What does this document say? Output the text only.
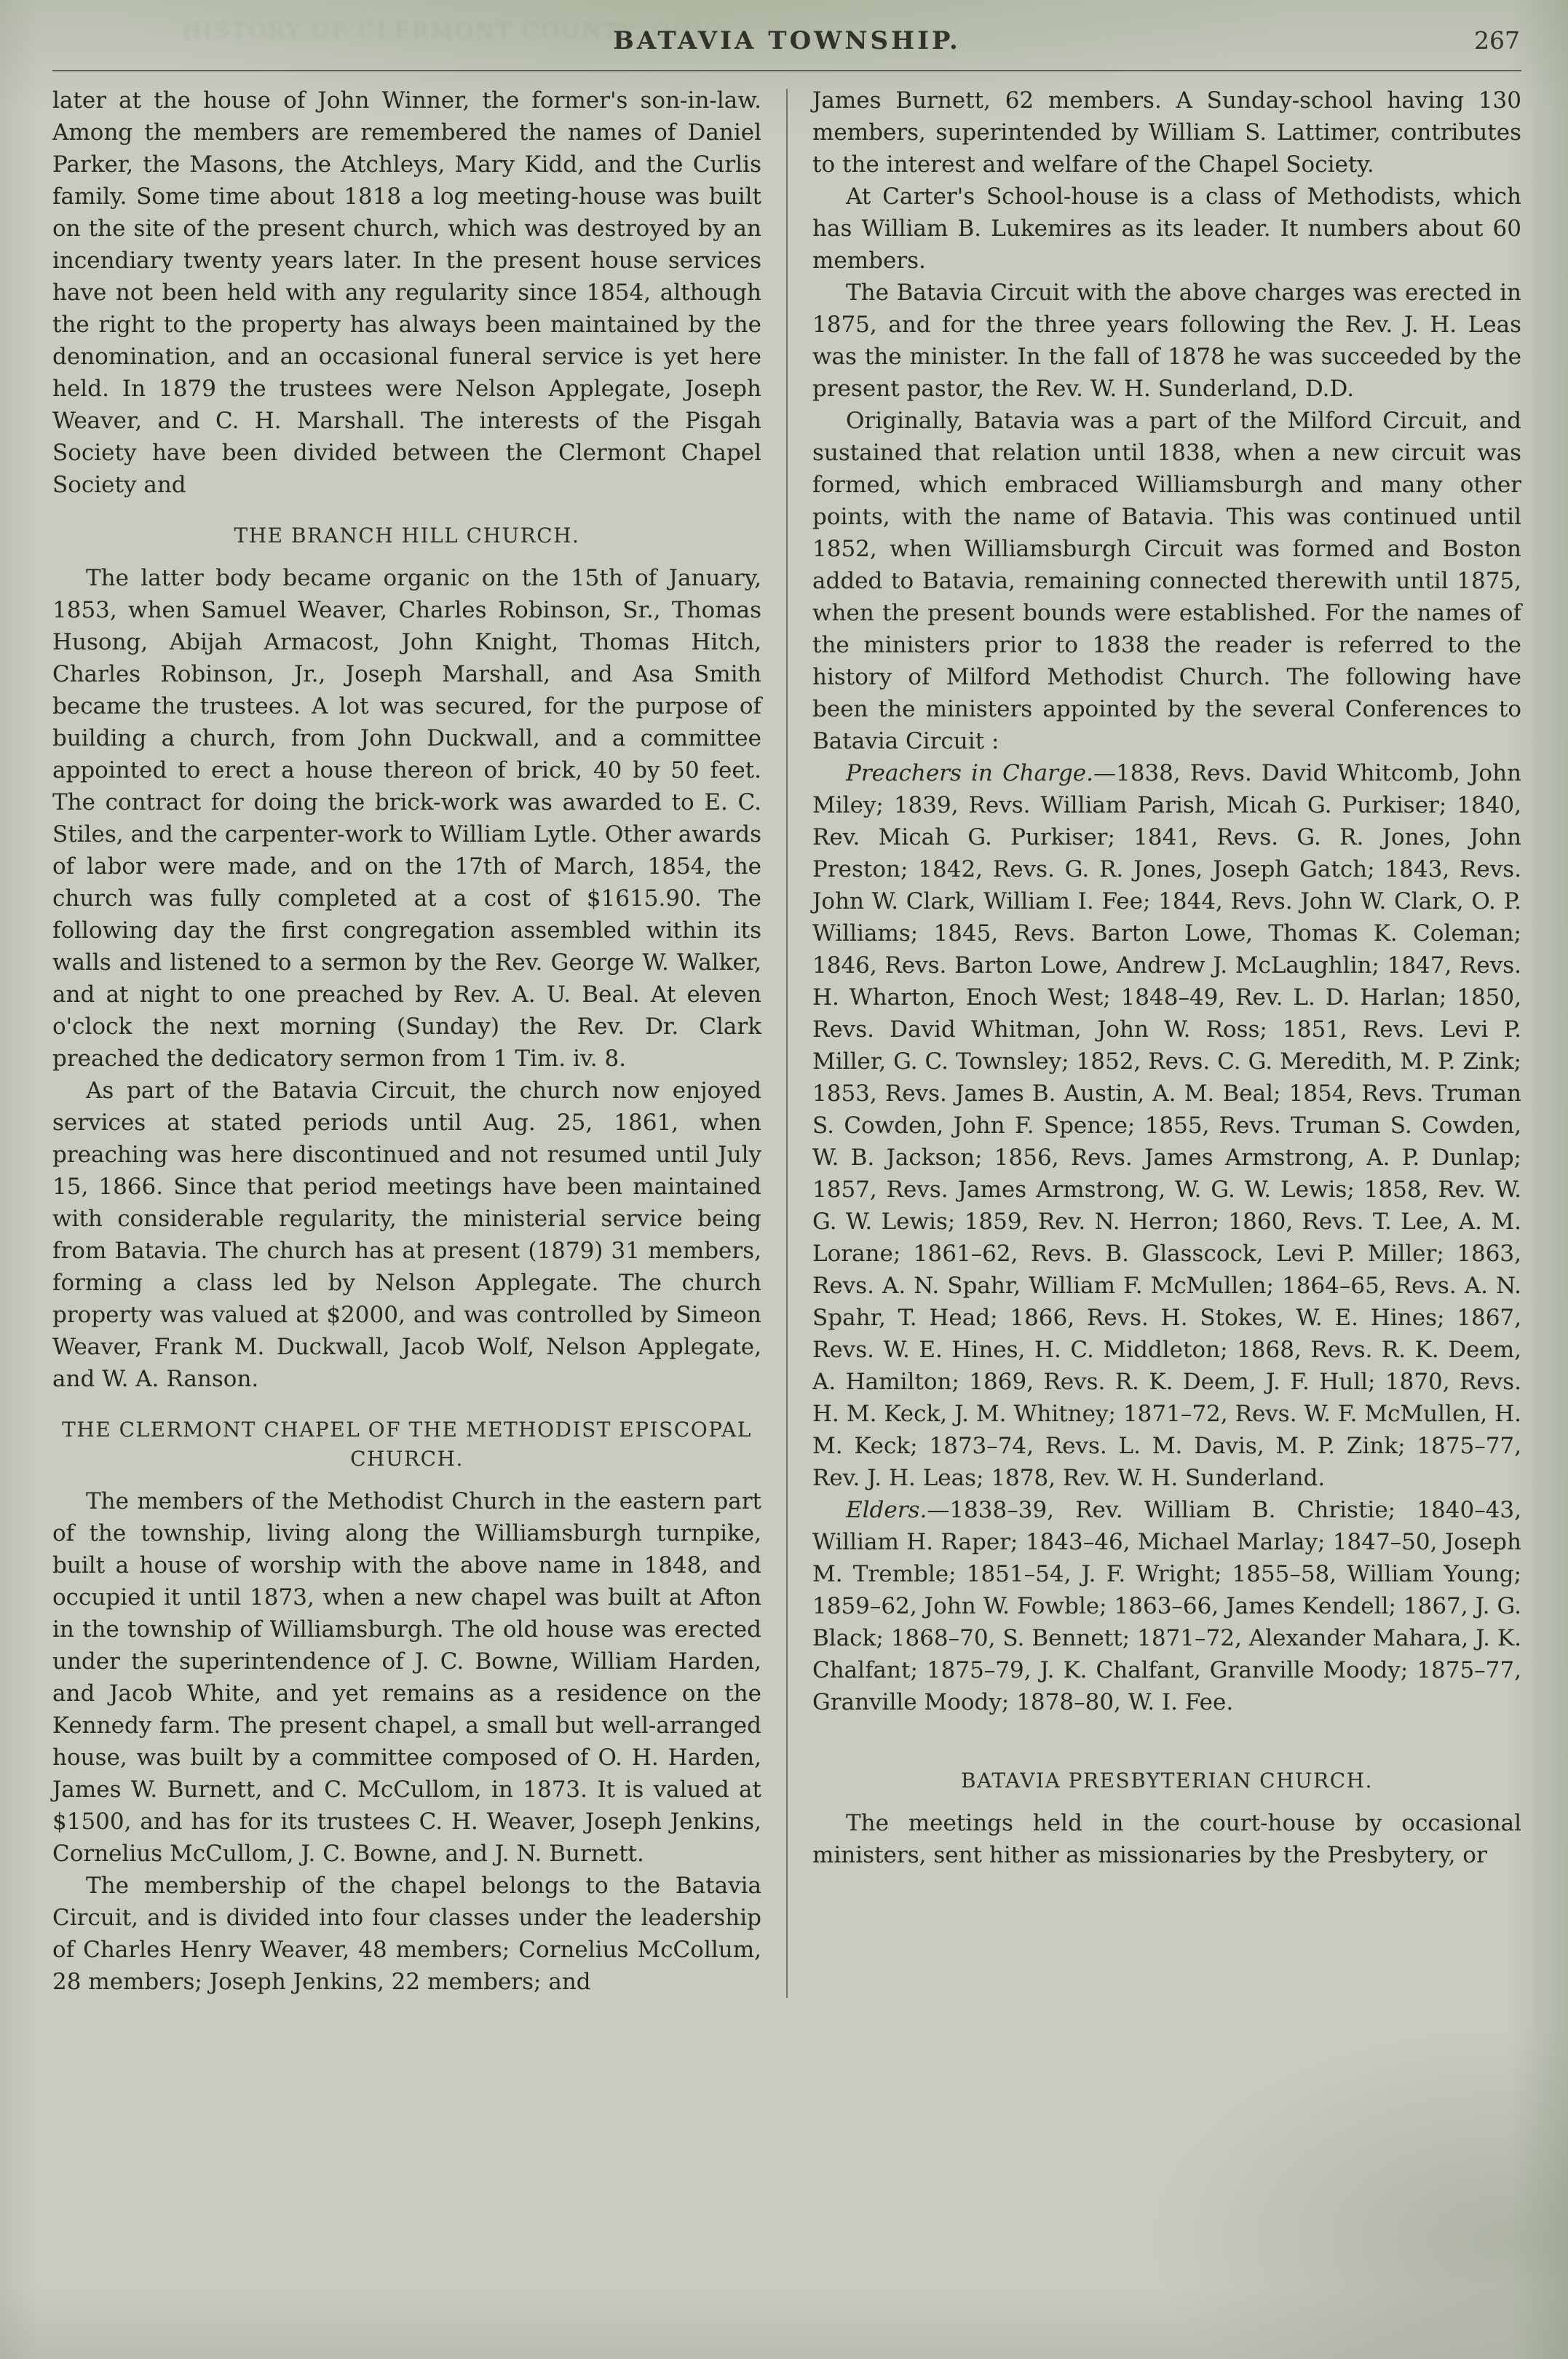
HISTORY OF CLERMONT COUNTY, OHIO.
BATAVIA TOWNSHIP.	267

later at the house of John Winner, the former's son-in-law. Among the members are remembered the names of Daniel Parker, the Masons, the Atchleys, Mary Kidd, and the Curlis family. Some time about 1818 a log meeting-house was built on the site of the present church, which was destroyed by an incendiary twenty years later. In the present house services have not been held with any regularity since 1854, although the right to the property has always been maintained by the denomination, and an occasional funeral service is yet here held. In 1879 the trustees were Nelson Applegate, Joseph Weaver, and C. H. Marshall. The interests of the Pisgah Society have been divided between the Clermont Chapel Society and

THE BRANCH HILL CHURCH.

The latter body became organic on the 15th of January, 1853, when Samuel Weaver, Charles Robinson, Sr., Thomas Husong, Abijah Armacost, John Knight, Thomas Hitch, Charles Robinson, Jr., Joseph Marshall, and Asa Smith became the trustees. A lot was secured, for the purpose of building a church, from John Duckwall, and a committee appointed to erect a house thereon of brick, 40 by 50 feet. The contract for doing the brick-work was awarded to E. C. Stiles, and the carpenter-work to William Lytle. Other awards of labor were made, and on the 17th of March, 1854, the church was fully completed at a cost of $1615.90. The following day the first congregation assembled within its walls and listened to a sermon by the Rev. George W. Walker, and at night to one preached by Rev. A. U. Beal. At eleven o'clock the next morning (Sunday) the Rev. Dr. Clark preached the dedicatory sermon from 1 Tim. iv. 8.

As part of the Batavia Circuit, the church now enjoyed services at stated periods until Aug. 25, 1861, when preaching was here discontinued and not resumed until July 15, 1866. Since that period meetings have been maintained with considerable regularity, the ministerial service being from Batavia. The church has at present (1879) 31 members, forming a class led by Nelson Applegate. The church property was valued at $2000, and was controlled by Simeon Weaver, Frank M. Duckwall, Jacob Wolf, Nelson Applegate, and W. A. Ranson.

THE CLERMONT CHAPEL OF THE METHODIST EPISCOPAL CHURCH.

The members of the Methodist Church in the eastern part of the township, living along the Williamsburgh turnpike, built a house of worship with the above name in 1848, and occupied it until 1873, when a new chapel was built at Afton in the township of Williamsburgh. The old house was erected under the superintendence of J. C. Bowne, William Harden, and Jacob White, and yet remains as a residence on the Kennedy farm. The present chapel, a small but well-arranged house, was built by a committee composed of O. H. Harden, James W. Burnett, and C. McCullom, in 1873. It is valued at $1500, and has for its trustees C. H. Weaver, Joseph Jenkins, Cornelius McCullom, J. C. Bowne, and J. N. Burnett.

The membership of the chapel belongs to the Batavia Circuit, and is divided into four classes under the leadership of Charles Henry Weaver, 48 members; Cornelius McCollum, 28 members; Joseph Jenkins, 22 members; and

James Burnett, 62 members. A Sunday-school having 130 members, superintended by William S. Lattimer, contributes to the interest and welfare of the Chapel Society.

At Carter's School-house is a class of Methodists, which has William B. Lukemires as its leader. It numbers about 60 members.

The Batavia Circuit with the above charges was erected in 1875, and for the three years following the Rev. J. H. Leas was the minister. In the fall of 1878 he was succeeded by the present pastor, the Rev. W. H. Sunderland, D.D.

Originally, Batavia was a part of the Milford Circuit, and sustained that relation until 1838, when a new circuit was formed, which embraced Williamsburgh and many other points, with the name of Batavia. This was continued until 1852, when Williamsburgh Circuit was formed and Boston added to Batavia, remaining connected therewith until 1875, when the present bounds were established. For the names of the ministers prior to 1838 the reader is referred to the history of Milford Methodist Church. The following have been the ministers appointed by the several Conferences to Batavia Circuit :

Preachers in Charge.—1838, Revs. David Whitcomb, John Miley; 1839, Revs. William Parish, Micah G. Purkiser; 1840, Rev. Micah G. Purkiser; 1841, Revs. G. R. Jones, John Preston; 1842, Revs. G. R. Jones, Joseph Gatch; 1843, Revs. John W. Clark, William I. Fee; 1844, Revs. John W. Clark, O. P. Williams; 1845, Revs. Barton Lowe, Thomas K. Coleman; 1846, Revs. Barton Lowe, Andrew J. McLaughlin; 1847, Revs. H. Wharton, Enoch West; 1848–49, Rev. L. D. Harlan; 1850, Revs. David Whitman, John W. Ross; 1851, Revs. Levi P. Miller, G. C. Townsley; 1852, Revs. C. G. Meredith, M. P. Zink; 1853, Revs. James B. Austin, A. M. Beal; 1854, Revs. Truman S. Cowden, John F. Spence; 1855, Revs. Truman S. Cowden, W. B. Jackson; 1856, Revs. James Armstrong, A. P. Dunlap; 1857, Revs. James Armstrong, W. G. W. Lewis; 1858, Rev. W. G. W. Lewis; 1859, Rev. N. Herron; 1860, Revs. T. Lee, A. M. Lorane; 1861–62, Revs. B. Glasscock, Levi P. Miller; 1863, Revs. A. N. Spahr, William F. McMullen; 1864–65, Revs. A. N. Spahr, T. Head; 1866, Revs. H. Stokes, W. E. Hines; 1867, Revs. W. E. Hines, H. C. Middleton; 1868, Revs. R. K. Deem, A. Hamilton; 1869, Revs. R. K. Deem, J. F. Hull; 1870, Revs. H. M. Keck, J. M. Whitney; 1871–72, Revs. W. F. McMullen, H. M. Keck; 1873–74, Revs. L. M. Davis, M. P. Zink; 1875–77, Rev. J. H. Leas; 1878, Rev. W. H. Sunderland.

Elders.—1838–39, Rev. William B. Christie; 1840–43, William H. Raper; 1843–46, Michael Marlay; 1847–50, Joseph M. Tremble; 1851–54, J. F. Wright; 1855–58, William Young; 1859–62, John W. Fowble; 1863–66, James Kendell; 1867, J. G. Black; 1868–70, S. Bennett; 1871–72, Alexander Mahara, J. K. Chalfant; 1875–79, J. K. Chalfant, Granville Moody; 1875–77, Granville Moody; 1878–80, W. I. Fee.

BATAVIA PRESBYTERIAN CHURCH.

The meetings held in the court-house by occasional ministers, sent hither as missionaries by the Presbytery, or
